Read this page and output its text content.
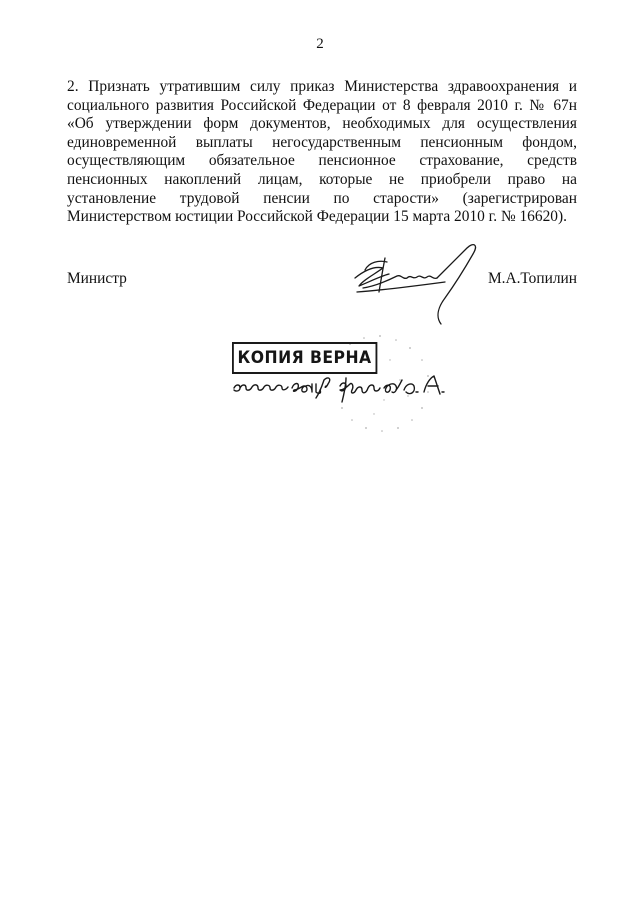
2

2. Признать утратившим силу приказ Министерства здравоохранения и социального развития Российской Федерации от 8 февраля 2010 г. № 67н «Об утверждении форм документов, необходимых для осуществления единовременной выплаты негосударственным пенсионным фондом, осуществляющим обязательное пенсионное страхование, средств пенсионных накоплений лицам, которые не приобрели право на установление трудовой пенсии по старости» (зарегистрирован Министерством юстиции Российской Федерации 15 марта 2010 г. № 16620).

Министр	М.А.Топилин
КОПИЯ ВЕРНА
